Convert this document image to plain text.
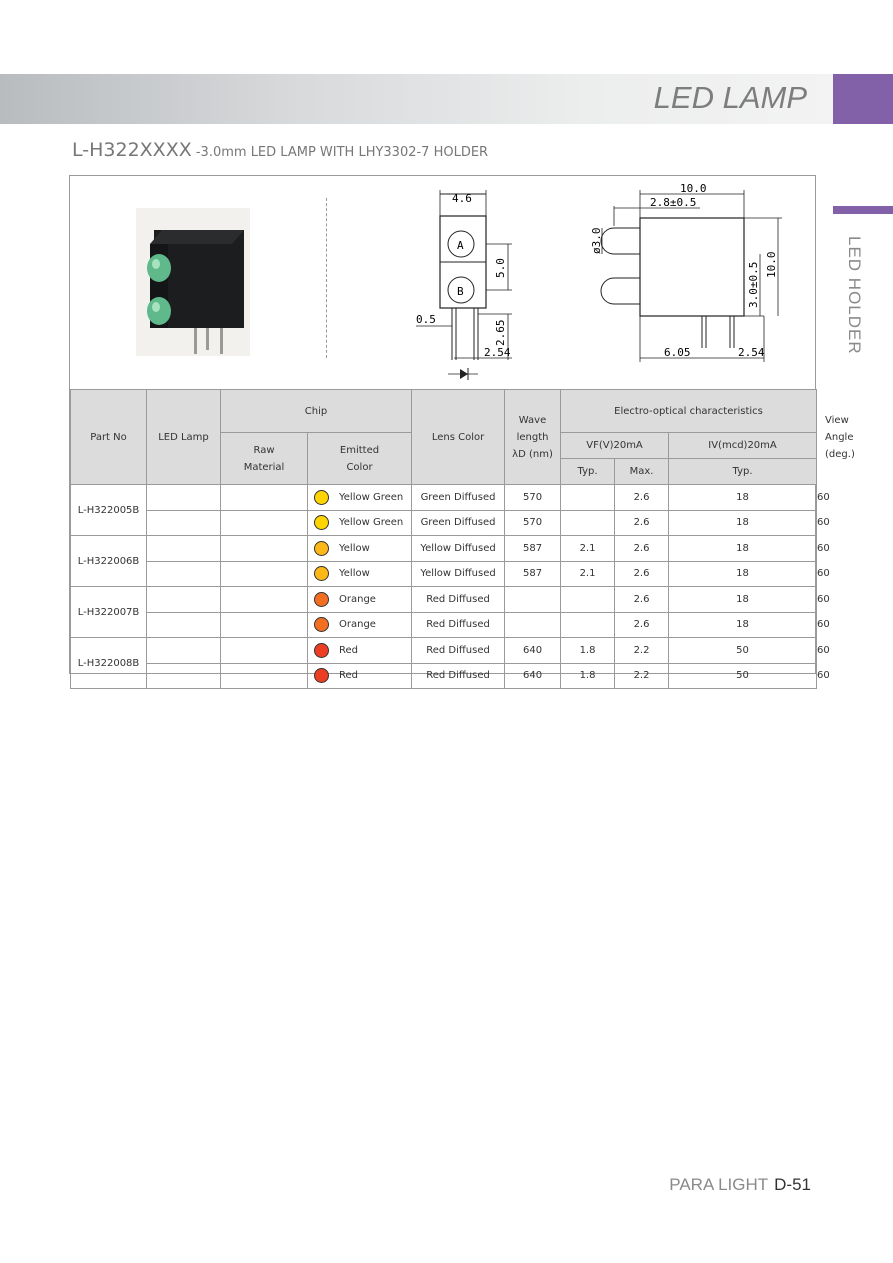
LED LAMP
LED HOLDER
L-H322XXXX -3.0mm LED LAMP WITH LHY3302-7 HOLDER
4.6
A
B
5.0
0.5	2.65
2.54
10.0
2.8±0.5
ø3.0
3.0±0.5 10.0
6.05	2.54
Part No	LED Lamp	Chip		Lens Color	Wave length λD (nm)	Electro-optical characteristics			View Angle (deg.)
		Raw Material	Emitted Color			VF(V)20mA		IV(mcd)20mA	
						Typ.	Max.	Typ.	
L-H322005B			Yellow Green	Green Diffused	570		2.6	18	60

			Yellow Green	Green Diffused	570		2.6	18	60
L-H322006B			Yellow	Yellow Diffused	587	2.1	2.6	18	60

			Yellow	Yellow Diffused	587	2.1	2.6	18	60
L-H322007B			Orange	Red Diffused			2.6	18	60

			Orange	Red Diffused			2.6	18	60
L-H322008B			Red	Red Diffused	640	1.8	2.2	50	60

			Red	Red Diffused	640	1.8	2.2	50	60
PARA LIGHT D-51
